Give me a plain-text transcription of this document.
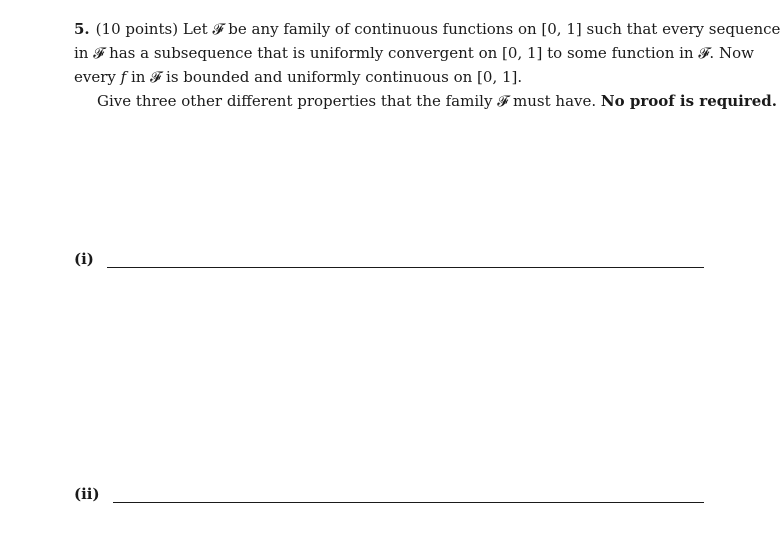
5. (10 points) Let 𝓕 be any family of continuous functions on [0, 1] such that every sequence
in 𝓕 has a subsequence that is uniformly convergent on [0, 1] to some function in 𝓕. Now
every 𝑓 in 𝓕 is bounded and uniformly continuous on [0, 1].
Give three other different properties that the family 𝓕 must have. No proof is required.
(i)
(ii)
